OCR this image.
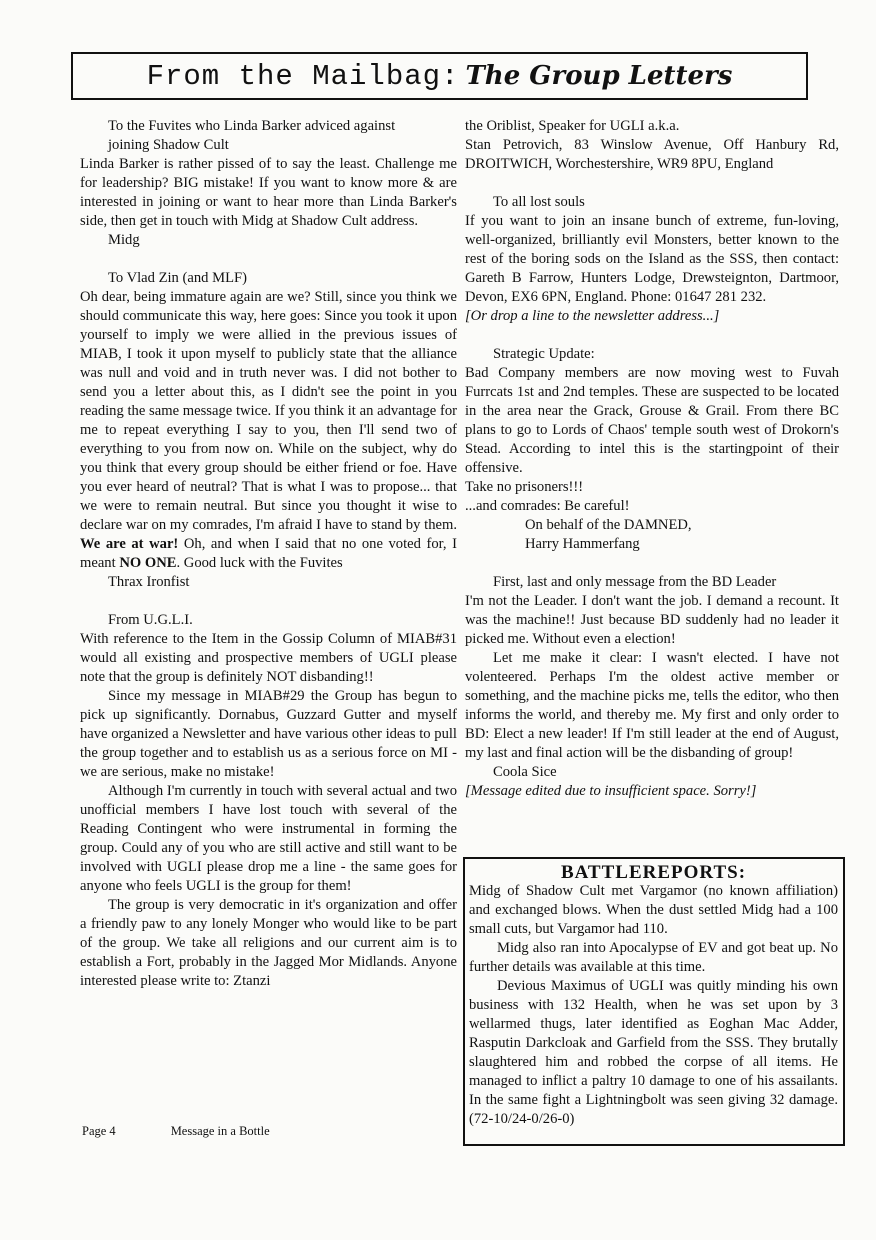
From the Mailbag: The Group Letters

To the Fuvites who Linda Barker adviced against

joining Shadow Cult

Linda Barker is rather pissed of to say the least. Challenge me for leadership? BIG mistake! If you want to know more & are interested in joining or want to hear more than Linda Barker's side, then get in touch with Midg at Shadow Cult address.

Midg

To Vlad Zin (and MLF)

Oh dear, being immature again are we? Still, since you think we should communicate this way, here goes: Since you took it upon yourself to imply we were allied in the previous issues of MIAB, I took it upon myself to publicly state that the alliance was null and void and in truth never was. I did not bother to send you a letter about this, as I didn't see the point in you reading the same message twice. If you think it an advantage for me to repeat everything I say to you, then I'll send two of everything to you from now on. While on the subject, why do you think that every group should be either friend or foe. Have you ever heard of neutral? That is what I was to propose... that we were to remain neutral. But since you thought it wise to declare war on my comrades, I'm afraid I have to stand by them. We are at war! Oh, and when I said that no one voted for, I meant NO ONE. Good luck with the Fuvites

Thrax Ironfist

From U.G.L.I.

With reference to the Item in the Gossip Column of MIAB#31 would all existing and prospective members of UGLI please note that the group is definitely NOT disbanding!!

Since my message in MIAB#29 the Group has begun to pick up significantly. Dornabus, Guzzard Gutter and myself have organized a Newsletter and have various other ideas to pull the group together and to establish us as a serious force on MI - we are serious, make no mistake!

Although I'm currently in touch with several actual and two unofficial members I have lost touch with several of the Reading Contingent who were instrumental in forming the group. Could any of you who are still active and still want to be involved with UGLI please drop me a line - the same goes for anyone who feels UGLI is the group for them!

The group is very democratic in it's organization and offer a friendly paw to any lonely Monger who would like to be part of the group. We take all religions and our current aim is to establish a Fort, probably in the Jagged Mor Midlands. Anyone interested please write to: Ztanzi

the Oriblist, Speaker for UGLI a.k.a.

Stan Petrovich, 83 Winslow Avenue, Off Hanbury Rd, DROITWICH, Worchestershire, WR9 8PU, England

To all lost souls

If you want to join an insane bunch of extreme, fun-loving, well-organized, brilliantly evil Monsters, better known to the rest of the boring sods on the Island as the SSS, then contact: Gareth B Farrow, Hunters Lodge, Drewsteignton, Dartmoor, Devon, EX6 6PN, England. Phone: 01647 281 232.

[Or drop a line to the newsletter address...]

Strategic Update:

Bad Company members are now moving west to Fuvah Furrcats 1st and 2nd temples. These are suspected to be located in the area near the Grack, Grouse & Grail. From there BC plans to go to Lords of Chaos' temple south west of Drokorn's Stead. According to intel this is the startingpoint of their offensive.

Take no prisoners!!!

...and comrades: Be careful!

On behalf of the DAMNED,

Harry Hammerfang

First, last and only message from the BD Leader

I'm not the Leader. I don't want the job. I demand a recount. It was the machine!! Just because BD suddenly had no leader it picked me. Without even a election!

Let me make it clear: I wasn't elected. I have not volenteered. Perhaps I'm the oldest active member or something, and the machine picks me, tells the editor, who then informs the world, and thereby me. My first and only order to BD: Elect a new leader! If I'm still leader at the end of August, my last and final action will be the disbanding of group!

Coola Sice

[Message edited due to insufficient space. Sorry!]

BATTLEREPORTS:

Midg of Shadow Cult met Vargamor (no known affiliation) and exchanged blows. When the dust settled Midg had a 100 small cuts, but Vargamor had 110.

Midg also ran into Apocalypse of EV and got beat up. No further details was available at this time.

Devious Maximus of UGLI was quitly minding his own business with 132 Health, when he was set upon by 3 wellarmed thugs, later identified as Eoghan Mac Adder, Rasputin Darkcloak and Garfield from the SSS. They brutally slaughtered him and robbed the corpse of all items. He managed to inflict a paltry 10 damage to one of his assailants. In the same fight a Lightningbolt was seen giving 32 damage. (72-10/24-0/26-0)

Page 4	Message in a Bottle
